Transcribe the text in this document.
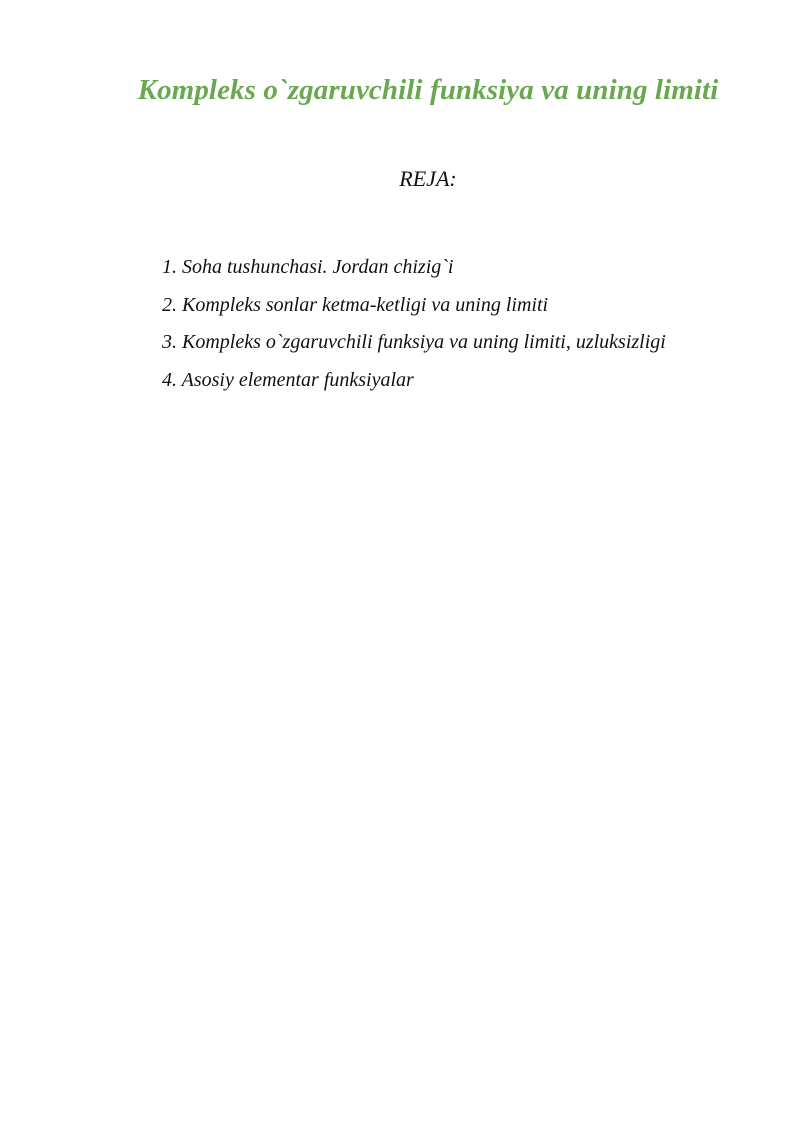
Kompleks o`zgaruvchili funksiya va uning limiti
REJA:
1. Soha tushunchasi. Jordan chizig`i
2. Kompleks sonlar ketma-ketligi va uning limiti
3. Kompleks o`zgaruvchili funksiya va uning limiti, uzluksizligi
4. Asosiy elementar funksiyalar
